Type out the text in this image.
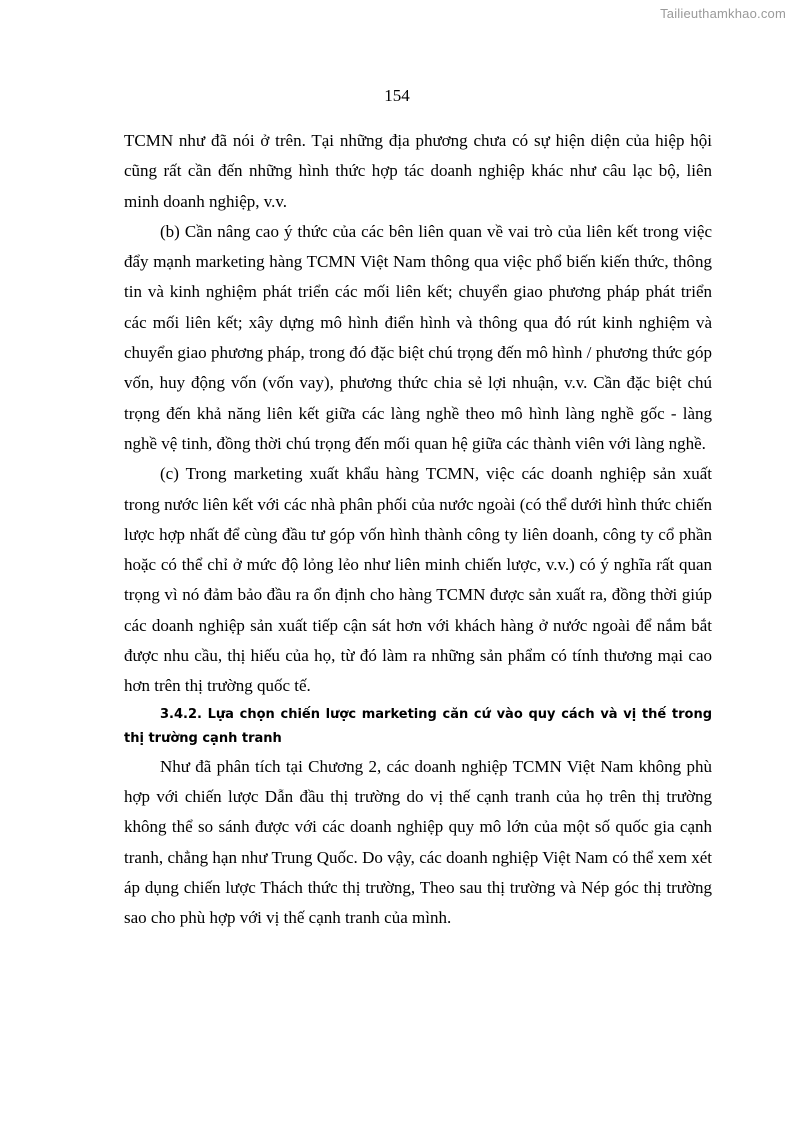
Tailieuthamkhao.com
154

TCMN như đã nói ở trên. Tại những địa phương chưa có sự hiện diện của hiệp hội cũng rất cần đến những hình thức hợp tác doanh nghiệp khác như câu lạc bộ, liên minh doanh nghiệp, v.v.

(b) Cần nâng cao ý thức của các bên liên quan về vai trò của liên kết trong việc đẩy mạnh marketing hàng TCMN Việt Nam thông qua việc phổ biến kiến thức, thông tin và kinh nghiệm phát triển các mối liên kết; chuyển giao phương pháp phát triển các mối liên kết; xây dựng mô hình điển hình và thông qua đó rút kinh nghiệm và chuyển giao phương pháp, trong đó đặc biệt chú trọng đến mô hình / phương thức góp vốn, huy động vốn (vốn vay), phương thức chia sẻ lợi nhuận, v.v. Cần đặc biệt chú trọng đến khả năng liên kết giữa các làng nghề theo mô hình làng nghề gốc - làng nghề vệ tinh, đồng thời chú trọng đến mối quan hệ giữa các thành viên với làng nghề.

(c) Trong marketing xuất khẩu hàng TCMN, việc các doanh nghiệp sản xuất trong nước liên kết với các nhà phân phối của nước ngoài (có thể dưới hình thức chiến lược hợp nhất để cùng đầu tư góp vốn hình thành công ty liên doanh, công ty cổ phần hoặc có thể chỉ ở mức độ lỏng lẻo như liên minh chiến lược, v.v.) có ý nghĩa rất quan trọng vì nó đảm bảo đầu ra ổn định cho hàng TCMN được sản xuất ra, đồng thời giúp các doanh nghiệp sản xuất tiếp cận sát hơn với khách hàng ở nước ngoài để nắm bắt được nhu cầu, thị hiếu của họ, từ đó làm ra những sản phẩm có tính thương mại cao hơn trên thị trường quốc tế.

3.4.2. Lựa chọn chiến lược marketing căn cứ vào quy cách và vị thế trong thị trường cạnh tranh

Như đã phân tích tại Chương 2, các doanh nghiệp TCMN Việt Nam không phù hợp với chiến lược Dẫn đầu thị trường do vị thế cạnh tranh của họ trên thị trường không thể so sánh được với các doanh nghiệp quy mô lớn của một số quốc gia cạnh tranh, chẳng hạn như Trung Quốc. Do vậy, các doanh nghiệp Việt Nam có thể xem xét áp dụng chiến lược Thách thức thị trường, Theo sau thị trường và Nép góc thị trường sao cho phù hợp với vị thế cạnh tranh của mình.
